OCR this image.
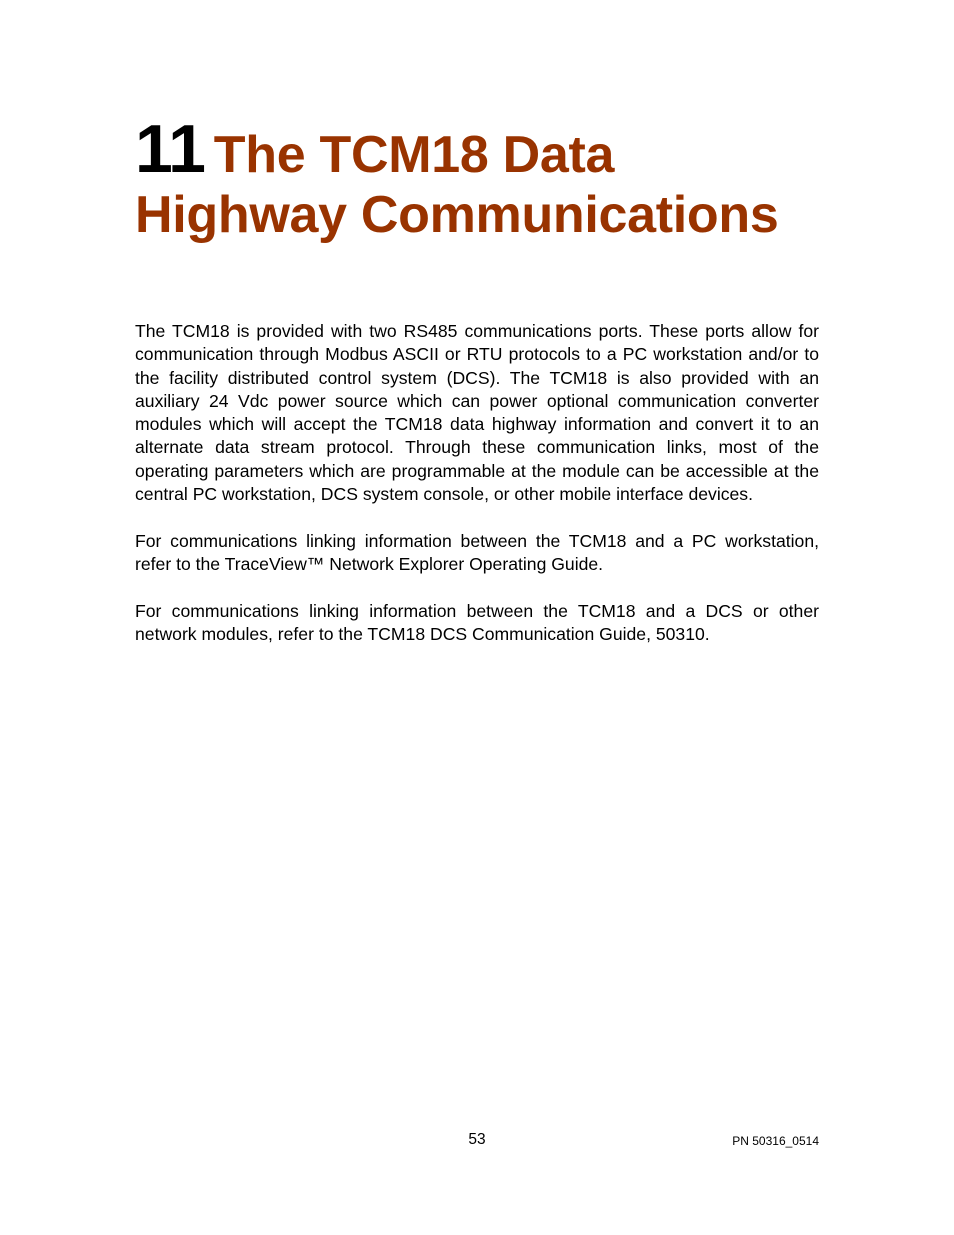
11 The TCM18 Data
Highway Communications

The TCM18 is provided with two RS485 communications ports. These ports allow for communication through Modbus ASCII or RTU protocols to a PC workstation and/or to the facility distributed control system (DCS). The TCM18 is also provided with an auxiliary 24 Vdc power source which can power optional communication converter modules which will accept the TCM18 data highway information and convert it to an alternate data stream protocol. Through these communication links, most of the operating parameters which are programmable at the module can be accessible at the central PC workstation, DCS system console, or other mobile interface devices.

For communications linking information between the TCM18 and a PC workstation, refer to the TraceView™ Network Explorer Operating Guide.

For communications linking information between the TCM18 and a DCS or other network modules, refer to the TCM18 DCS Communication Guide, 50310.

53	PN 50316_0514
